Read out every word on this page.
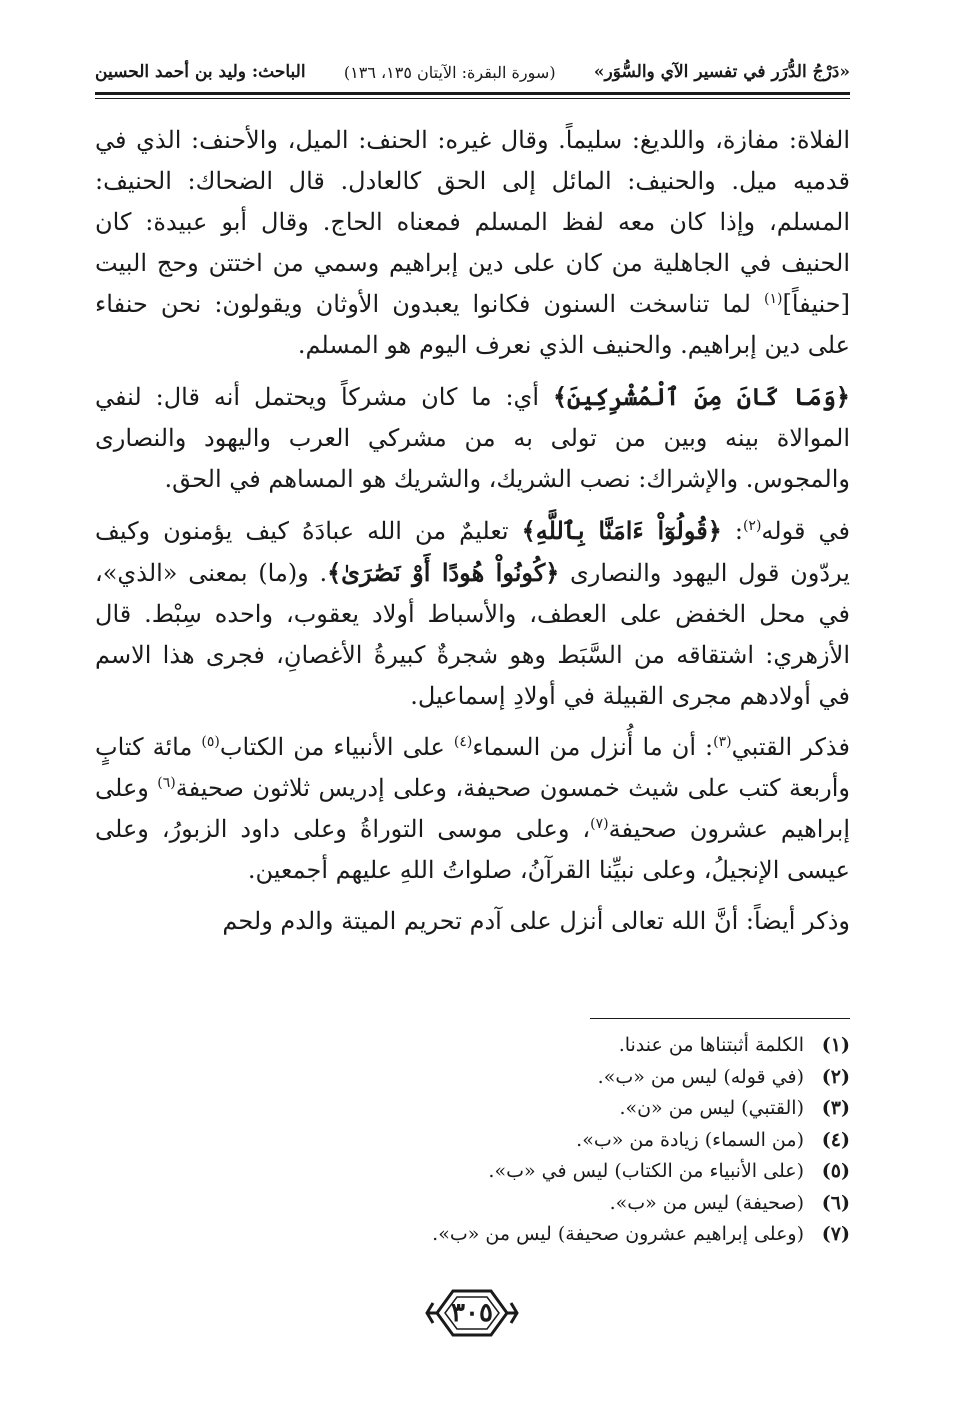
«دَرْجُ الدُّرَر في تفسير الآي والسُّوَر»
(سورة البقرة: الآيتان ١٣٥، ١٣٦)
الباحث: وليد بن أحمد الحسين

الفلاة: مفازة، واللديغ: سليماً. وقال غيره: الحنف: الميل، والأحنف: الذي في قدميه ميل. والحنيف: المائل إلى الحق كالعادل. قال الضحاك: الحنيف: المسلم، وإذا كان معه لفظ المسلم فمعناه الحاج. وقال أبو عبيدة: كان الحنيف في الجاهلية من كان على دين إبراهيم وسمي من اختتن وحج البيت [حنيفاً]$^{(١)}$ لما تناسخت السنون فكانوا يعبدون الأوثان ويقولون: نحن حنفاء على دين إبراهيم. والحنيف الذي نعرف اليوم هو المسلم.

﴿وَمَا كَانَ مِنَ ٱلْمُشْرِكِينَ﴾ أي: ما كان مشركاً ويحتمل أنه قال: لنفي الموالاة بينه وبين من تولى به من مشركي العرب واليهود والنصارى والمجوس. والإشراك: نصب الشريك، والشريك هو المساهم في الحق.

في قوله$^{(٢)}$: ﴿قُولُوٓاْ ءَامَنَّا بِٱللَّهِ﴾ تعليمٌ من الله عبادَهُ كيف يؤمنون وكيف يردّون قول اليهود والنصارى ﴿كُونُواْ هُودًا أَوْ نَصَٰرَىٰ﴾. و(ما) بمعنى «الذي»، في محل الخفض على العطف، والأسباط أولاد يعقوب، واحده سِبْط. قال الأزهري: اشتقاقه من السَّبَط وهو شجرةٌ كبيرةُ الأغصانِ، فجرى هذا الاسم في أولادهم مجرى القبيلة في أولادِ إسماعيل.

فذكر القتبي$^{(٣)}$: أن ما أُنزل من السماء$^{(٤)}$ على الأنبياء من الكتاب$^{(٥)}$ مائة كتابٍ وأربعة كتب على شيث خمسون صحيفة، وعلى إدريس ثلاثون صحيفة$^{(٦)}$ وعلى إبراهيم عشرون صحيفة$^{(٧)}$، وعلى موسى التوراةُ وعلى داود الزبورُ، وعلى عيسى الإنجيلُ، وعلى نبيِّنا القرآنُ، صلواتُ اللهِ عليهم أجمعين.

وذكر أيضاً: أنَّ الله تعالى أنزل على آدم تحريم الميتة والدم ولحم

(١)الكلمة أثبتناها من عندنا.
(٢)(في قوله) ليس من «ب».
(٣)(القتبي) ليس من «ن».
(٤)(من السماء) زيادة من «ب».
(٥)(على الأنبياء من الكتاب) ليس في «ب».
(٦)(صحيفة) ليس من «ب».
(٧)(وعلى إبراهيم عشرون صحيفة) ليس من «ب».
٣٠٥
